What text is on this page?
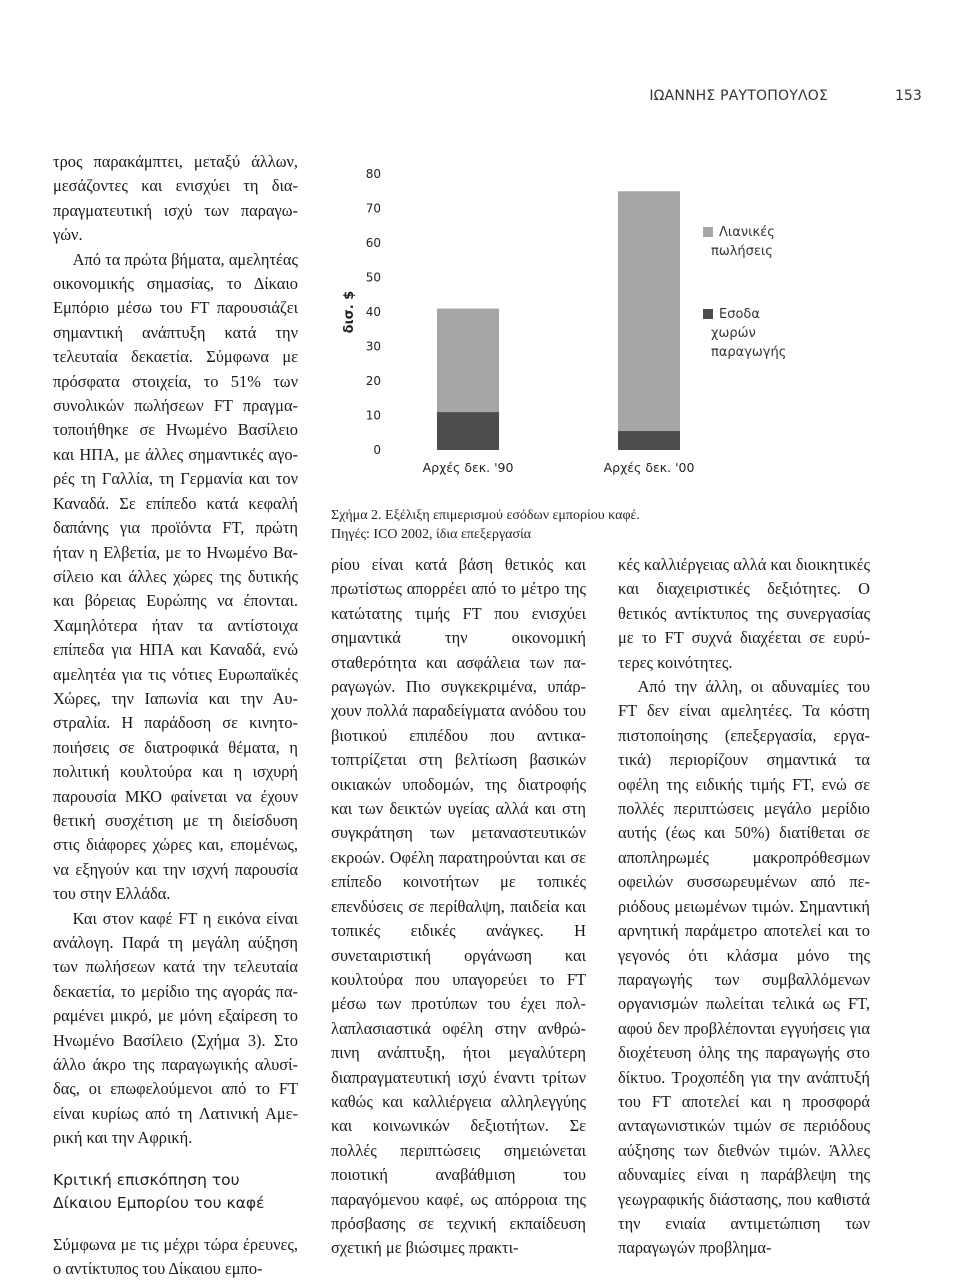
ΙΩΑΝΝΗΣ ΡΑΥΤΟΠΟΥΛΟΣ	153

τρος παρακάμπτει, μεταξύ άλλων, μεσάζοντες και ενισχύει τη διαπραγματευτική ισχύ των παραγωγών.

Από τα πρώτα βήματα, αμελητέας οικονομικής σημασίας, το Δίκαιο Εμπόριο μέσω του FT παρουσιάζει σημαντική ανάπτυξη κατά την τελευταία δεκαετία. Σύμφωνα με πρόσφατα στοιχεία, το 51% των συνολικών πωλήσεων FT πραγματοποιήθηκε σε Ηνωμένο Βασίλειο και ΗΠΑ, με άλλες σημαντικές αγορές τη Γαλλία, τη Γερμανία και τον Καναδά. Σε επίπεδο κατά κεφαλή δαπάνης για προϊόντα FT, πρώτη ήταν η Ελβετία, με το Ηνωμένο Βασίλειο και άλλες χώρες της δυτικής και βόρειας Ευρώπης να έπονται. Χαμηλότερα ήταν τα αντίστοιχα επίπεδα για ΗΠΑ και Καναδά, ενώ αμελητέα για τις νότιες Ευρωπαϊκές Χώρες, την Ιαπωνία και την Αυστραλία. Η παράδοση σε κινητοποιήσεις σε διατροφικά θέματα, η πολιτική κουλτούρα και η ισχυρή παρουσία ΜΚΟ φαίνεται να έχουν θετική συσχέτιση με τη διείσδυση στις διάφορες χώρες και, επομένως, να εξηγούν και την ισχνή παρουσία του στην Ελλάδα.

Και στον καφέ FT η εικόνα είναι ανάλογη. Παρά τη μεγάλη αύξηση των πωλήσεων κατά την τελευταία δεκαετία, το μερίδιο της αγοράς παραμένει μικρό, με μόνη εξαίρεση το Ηνωμένο Βασίλειο (Σχήμα 3). Στο άλλο άκρο της παραγωγικής αλυσίδας, οι επωφελούμενοι από το FT είναι κυρίως από τη Λατινική Αμερική και την Αφρική.

Κριτική επισκόπηση του Δίκαιου Εμπορίου του καφέ

Σύμφωνα με τις μέχρι τώρα έρευνες, ο αντίκτυπος του Δίκαιου εμπο-

0
10
20
30
40
50
60
70
80
δισ. $
Αρχές δεκ. '90	Αρχές δεκ. '00
Λιανικές
πωλήσεις
Εσοδα
χωρών
παραγωγής
Σχήμα 2. Εξέλιξη επιμερισμού εσόδων εμπορίου καφέ.
Πηγές: ICO 2002, ίδια επεξεργασία

ρίου είναι κατά βάση θετικός και πρωτίστως απορρέει από το μέτρο της κατώτατης τιμής FT που ενισχύει σημαντικά την οικονομική σταθερότητα και ασφάλεια των παραγωγών. Πιο συγκεκριμένα, υπάρχουν πολλά παραδείγματα ανόδου του βιοτικού επιπέδου που αντικατοπτρίζεται στη βελτίωση βασικών οικιακών υποδομών, της διατροφής και των δεικτών υγείας αλλά και στη συγκράτηση των μεταναστευτικών εκροών. Οφέλη παρατηρούνται και σε επίπεδο κοινοτήτων με τοπικές επενδύσεις σε περίθαλψη, παιδεία και τοπικές ειδικές ανάγκες. Η συνεταιριστική οργάνωση και κουλτούρα που υπαγορεύει το FT μέσω των προτύπων του έχει πολλαπλασιαστικά οφέλη στην ανθρώπινη ανάπτυξη, ήτοι μεγαλύτερη διαπραγματευτική ισχύ έναντι τρίτων καθώς και καλλιέργεια αλληλεγγύης και κοινωνικών δεξιοτήτων. Σε πολλές περιπτώσεις σημειώνεται ποιοτική αναβάθμιση του παραγόμενου καφέ, ως απόρροια της πρόσβασης σε τεχνική εκπαίδευση σχετική με βιώσιμες πρακτι-

κές καλλιέργειας αλλά και διοικητικές και διαχειριστικές δεξιότητες. Ο θετικός αντίκτυπος της συνεργασίας με το FT συχνά διαχέεται σε ευρύτερες κοινότητες.

Από την άλλη, οι αδυναμίες του FT δεν είναι αμελητέες. Τα κόστη πιστοποίησης (επεξεργασία, εργατικά) περιορίζουν σημαντικά τα οφέλη της ειδικής τιμής FT, ενώ σε πολλές περιπτώσεις μεγάλο μερίδιο αυτής (έως και 50%) διατίθεται σε αποπληρωμές μακροπρόθεσμων οφειλών συσσωρευμένων από περιόδους μειωμένων τιμών. Σημαντική αρνητική παράμετρο αποτελεί και το γεγονός ότι κλάσμα μόνο της παραγωγής των συμβαλλόμενων οργανισμών πωλείται τελικά ως FT, αφού δεν προβλέπονται εγγυήσεις για διοχέτευση όλης της παραγωγής στο δίκτυο. Τροχοπέδη για την ανάπτυξή του FT αποτελεί και η προσφορά ανταγωνιστικών τιμών σε περιόδους αύξησης των διεθνών τιμών. Άλλες αδυναμίες είναι η παράβλεψη της γεωγραφικής διάστασης, που καθιστά την ενιαία αντιμετώπιση των παραγωγών προβλημα-
